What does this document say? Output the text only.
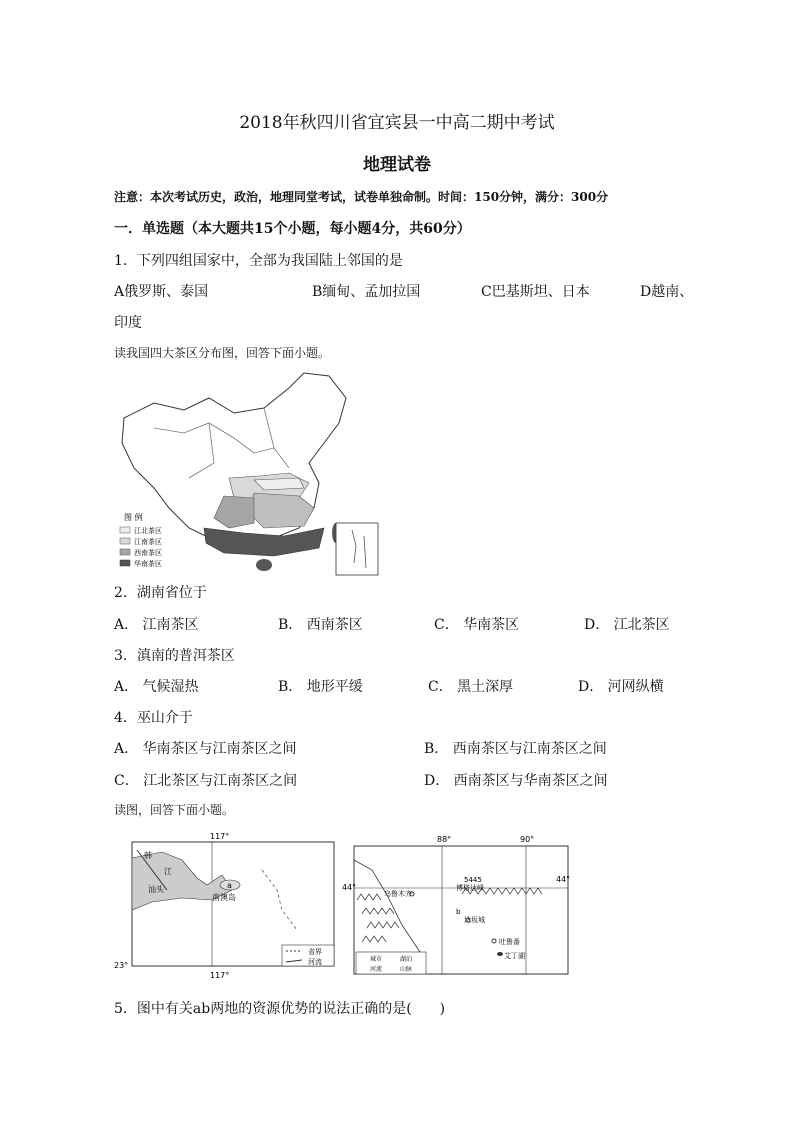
2018年秋四川省宜宾县一中高二期中考试
地理试卷
注意：本次考试历史，政治，地理同堂考试，试卷单独命制。时间：150分钟，满分：300分
一．单选题（本大题共15个小题，每小题4分，共60分）
1．下列四组国家中，全部为我国陆上邻国的是
A俄罗斯、泰国	B缅甸、孟加拉国	C巴基斯坦、日本	D越南、
印度
读我国四大茶区分布图，回答下面小题。
图 例
江北茶区
江南茶区
西南茶区
华南茶区
2．湖南省位于
A． 江南茶区	B． 西南茶区	C． 华南茶区	D． 江北茶区
3．滇南的普洱茶区
A． 气候湿热	B． 地形平缓	C． 黑土深厚	D． 河网纵横
4．巫山介于
A． 华南茶区与江南茶区之间	B． 西南茶区与江南茶区之间
C． 江北茶区与江南茶区之间	D． 西南茶区与华南茶区之间
读图，回答下面小题。
117°
117°
23°
韩
江
汕头	a
南澳岛
省界
河流
88°	90°
44°
44°
5445
乌鲁木齐
博格达峰
b
达坂城
吐鲁番
艾丁湖
城市	湖泊
河流	山脉
5．图中有关ab两地的资源优势的说法正确的是(　　)
